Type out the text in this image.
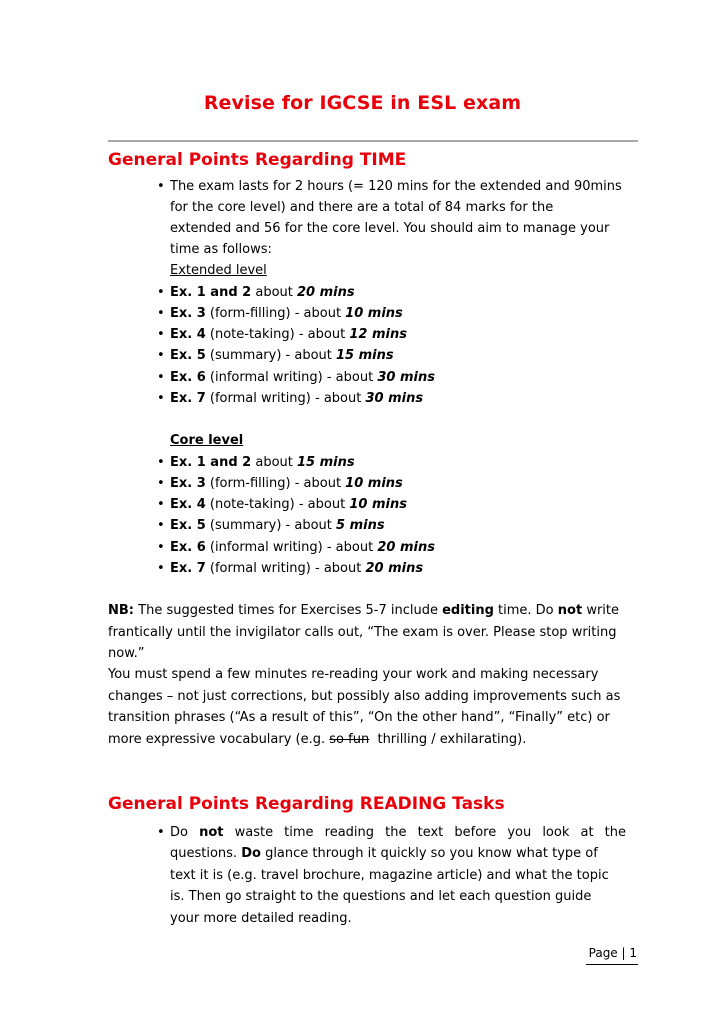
Revise for IGCSE in ESL exam
General Points Regarding TIME
• The exam lasts for 2 hours (= 120 mins for the extended and 90mins
for the core level) and there are a total of 84 marks for the
extended and 56 for the core level. You should aim to manage your
time as follows:
Extended level
• Ex. 1 and 2 about 20 mins
• Ex. 3 (form-filling) - about 10 mins
• Ex. 4 (note-taking) - about 12 mins
• Ex. 5 (summary) - about 15 mins
• Ex. 6 (informal writing) - about 30 mins
• Ex. 7 (formal writing) - about 30 mins
Core level
• Ex. 1 and 2 about 15 mins
• Ex. 3 (form-filling) - about 10 mins
• Ex. 4 (note-taking) - about 10 mins
• Ex. 5 (summary) - about 5 mins
• Ex. 6 (informal writing) - about 20 mins
• Ex. 7 (formal writing) - about 20 mins
NB: The suggested times for Exercises 5-7 include editing time. Do not write
frantically until the invigilator calls out, “The exam is over. Please stop writing
now.”
You must spend a few minutes re-reading your work and making necessary
changes – not just corrections, but possibly also adding improvements such as
transition phrases (“As a result of this”, “On the other hand”, “Finally” etc) or
more expressive vocabulary (e.g. so fun  thrilling / exhilarating).
General Points Regarding READING Tasks
• Do not waste time reading the text before you look at the
questions. Do glance through it quickly so you know what type of
text it is (e.g. travel brochure, magazine article) and what the topic
is. Then go straight to the questions and let each question guide
your more detailed reading.
Page | 1
